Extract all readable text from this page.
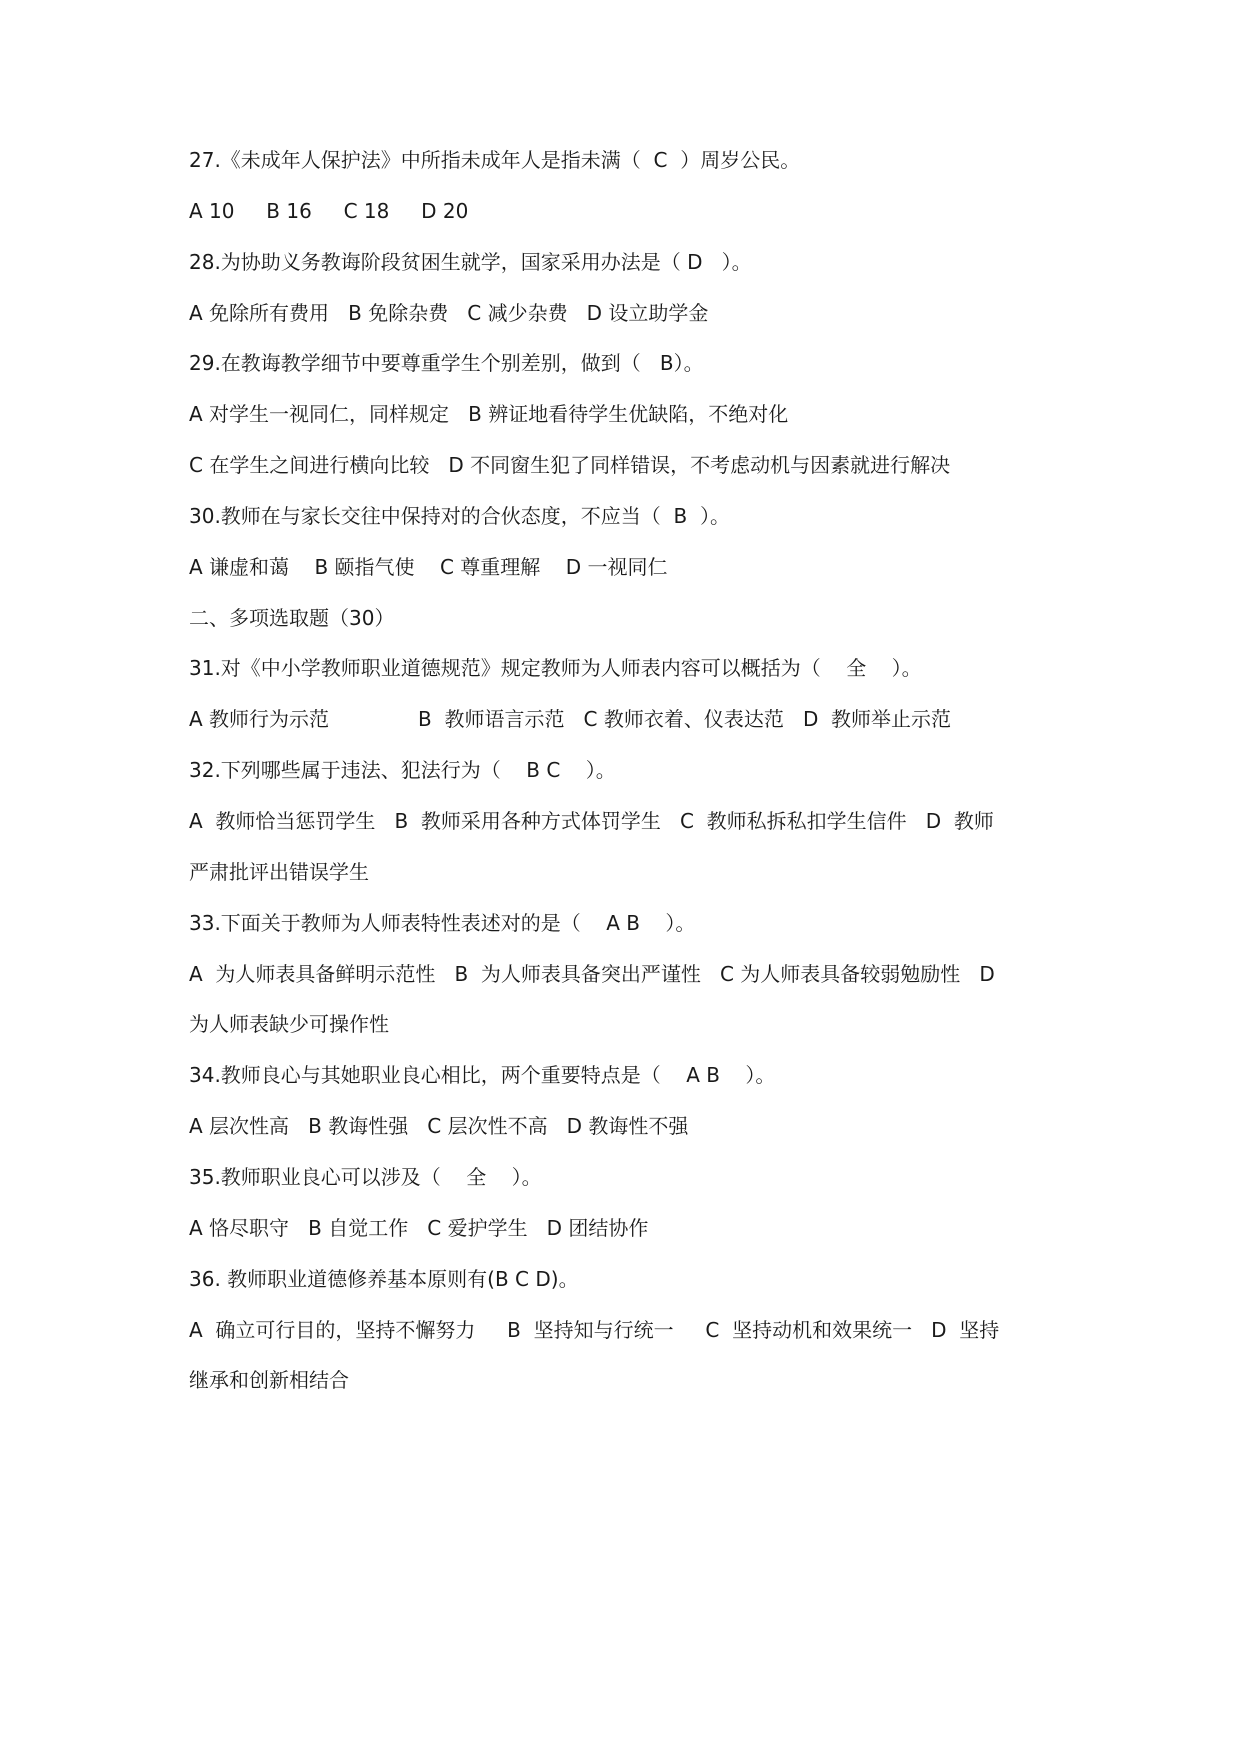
27.《未成年人保护法》中所指未成年人是指未满（  C  ）周岁公民。
A 10     B 16     C 18     D 20
28.为协助义务教诲阶段贫困生就学，国家采用办法是（ D   ）。
A 免除所有费用   B 免除杂费   C 减少杂费   D 设立助学金
29.在教诲教学细节中要尊重学生个别差别，做到（   B）。
A 对学生一视同仁，同样规定   B 辨证地看待学生优缺陷，不绝对化
C 在学生之间进行横向比较   D 不同窗生犯了同样错误，不考虑动机与因素就进行解决
30.教师在与家长交往中保持对的合伙态度，不应当（  B  ）。
A 谦虚和蔼    B 颐指气使    C 尊重理解    D 一视同仁
二、多项选取题（30）
31.对《中小学教师职业道德规范》规定教师为人师表内容可以概括为（    全    ）。
A 教师行为示范              B  教师语言示范   C 教师衣着、仪表达范   D  教师举止示范
32.下列哪些属于违法、犯法行为（    B C    ）。
A  教师恰当惩罚学生   B  教师采用各种方式体罚学生   C  教师私拆私扣学生信件   D  教师
严肃批评出错误学生
33.下面关于教师为人师表特性表述对的是（    A B    ）。
A  为人师表具备鲜明示范性   B  为人师表具备突出严谨性   C 为人师表具备较弱勉励性   D
为人师表缺少可操作性
34.教师良心与其她职业良心相比，两个重要特点是（    A B    ）。
A 层次性高   B 教诲性强   C 层次性不高   D 教诲性不强
35.教师职业良心可以涉及（    全    ）。
A 恪尽职守   B 自觉工作   C 爱护学生   D 团结协作
36. 教师职业道德修养基本原则有(B C D)。
A  确立可行目的，坚持不懈努力     B  坚持知与行统一     C  坚持动机和效果统一   D  坚持
继承和创新相结合
